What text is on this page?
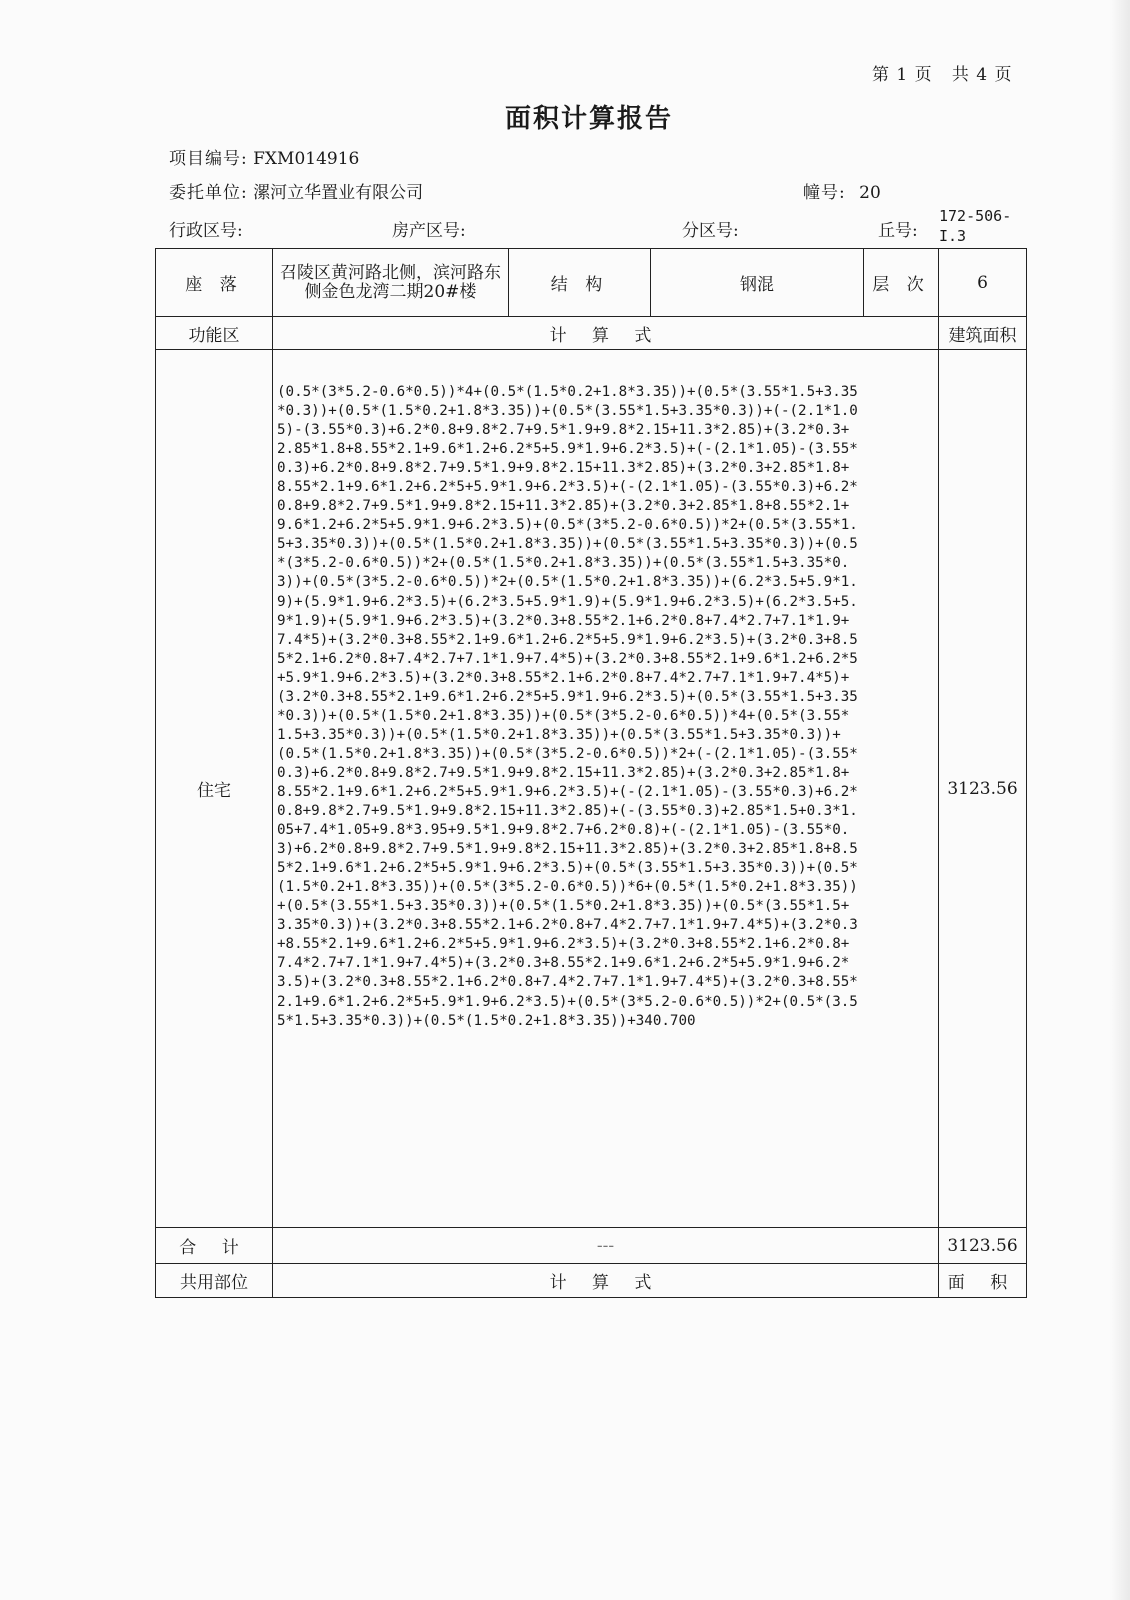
第 1 页   共 4 页
面积计算报告
项目编号: FXM014916
委托单位: 漯河立华置业有限公司	幢号: 20
行政区号:	房产区号:	分区号:	丘号:
172-506-
I.3
座 落	召陵区黄河路北侧，滨河路东侧金色龙湾二期20#楼	结 构	钢混	层 次	6
功能区	计 算 式				建筑面积
住宅	(0.5*(3*5.2-0.6*0.5))*4+(0.5*(1.5*0.2+1.8*3.35))+(0.5*(3.55*1.5+3.35*0.3))+(0.5*(1.5*0.2+1.8*3.35))+(0.5*(3.55*1.5+3.35*0.3))+(-(2.1*1.05)-(3.55*0.3)+6.2*0.8+9.8*2.7+9.5*1.9+9.8*2.15+11.3*2.85)+(3.2*0.3+2.85*1.8+8.55*2.1+9.6*1.2+6.2*5+5.9*1.9+6.2*3.5)+(-(2.1*1.05)-(3.55*0.3)+6.2*0.8+9.8*2.7+9.5*1.9+9.8*2.15+11.3*2.85)+(3.2*0.3+2.85*1.8+8.55*2.1+9.6*1.2+6.2*5+5.9*1.9+6.2*3.5)+(-(2.1*1.05)-(3.55*0.3)+6.2*0.8+9.8*2.7+9.5*1.9+9.8*2.15+11.3*2.85)+(3.2*0.3+2.85*1.8+8.55*2.1+9.6*1.2+6.2*5+5.9*1.9+6.2*3.5)+(0.5*(3*5.2-0.6*0.5))*2+(0.5*(3.55*1.5+3.35*0.3))+(0.5*(1.5*0.2+1.8*3.35))+(0.5*(3.55*1.5+3.35*0.3))+(0.5*(3*5.2-0.6*0.5))*2+(0.5*(1.5*0.2+1.8*3.35))+(0.5*(3.55*1.5+3.35*0.3))+(0.5*(3*5.2-0.6*0.5))*2+(0.5*(1.5*0.2+1.8*3.35))+(6.2*3.5+5.9*1.9)+(5.9*1.9+6.2*3.5)+(6.2*3.5+5.9*1.9)+(5.9*1.9+6.2*3.5)+(6.2*3.5+5.9*1.9)+(5.9*1.9+6.2*3.5)+(3.2*0.3+8.55*2.1+6.2*0.8+7.4*2.7+7.1*1.9+7.4*5)+(3.2*0.3+8.55*2.1+9.6*1.2+6.2*5+5.9*1.9+6.2*3.5)+(3.2*0.3+8.55*2.1+6.2*0.8+7.4*2.7+7.1*1.9+7.4*5)+(3.2*0.3+8.55*2.1+9.6*1.2+6.2*5+5.9*1.9+6.2*3.5)+(3.2*0.3+8.55*2.1+6.2*0.8+7.4*2.7+7.1*1.9+7.4*5)+(3.2*0.3+8.55*2.1+9.6*1.2+6.2*5+5.9*1.9+6.2*3.5)+(0.5*(3.55*1.5+3.35*0.3))+(0.5*(1.5*0.2+1.8*3.35))+(0.5*(3*5.2-0.6*0.5))*4+(0.5*(3.55*1.5+3.35*0.3))+(0.5*(1.5*0.2+1.8*3.35))+(0.5*(3.55*1.5+3.35*0.3))+(0.5*(1.5*0.2+1.8*3.35))+(0.5*(3*5.2-0.6*0.5))*2+(-(2.1*1.05)-(3.55*0.3)+6.2*0.8+9.8*2.7+9.5*1.9+9.8*2.15+11.3*2.85)+(3.2*0.3+2.85*1.8+8.55*2.1+9.6*1.2+6.2*5+5.9*1.9+6.2*3.5)+(-(2.1*1.05)-(3.55*0.3)+6.2*0.8+9.8*2.7+9.5*1.9+9.8*2.15+11.3*2.85)+(-(3.55*0.3)+2.85*1.5+0.3*1.05+7.4*1.05+9.8*3.95+9.5*1.9+9.8*2.7+6.2*0.8)+(-(2.1*1.05)-(3.55*0.3)+6.2*0.8+9.8*2.7+9.5*1.9+9.8*2.15+11.3*2.85)+(3.2*0.3+2.85*1.8+8.55*2.1+9.6*1.2+6.2*5+5.9*1.9+6.2*3.5)+(0.5*(3.55*1.5+3.35*0.3))+(0.5*(1.5*0.2+1.8*3.35))+(0.5*(3*5.2-0.6*0.5))*6+(0.5*(1.5*0.2+1.8*3.35))+(0.5*(3.55*1.5+3.35*0.3))+(0.5*(1.5*0.2+1.8*3.35))+(0.5*(3.55*1.5+3.35*0.3))+(3.2*0.3+8.55*2.1+6.2*0.8+7.4*2.7+7.1*1.9+7.4*5)+(3.2*0.3+8.55*2.1+9.6*1.2+6.2*5+5.9*1.9+6.2*3.5)+(3.2*0.3+8.55*2.1+6.2*0.8+7.4*2.7+7.1*1.9+7.4*5)+(3.2*0.3+8.55*2.1+9.6*1.2+6.2*5+5.9*1.9+6.2*3.5)+(3.2*0.3+8.55*2.1+6.2*0.8+7.4*2.7+7.1*1.9+7.4*5)+(3.2*0.3+8.55*2.1+9.6*1.2+6.2*5+5.9*1.9+6.2*3.5)+(0.5*(3*5.2-0.6*0.5))*2+(0.5*(3.55*1.5+3.35*0.3))+(0.5*(1.5*0.2+1.8*3.35))+340.700				3123.56
合 计	---				3123.56
共用部位	计 算 式				面 积
